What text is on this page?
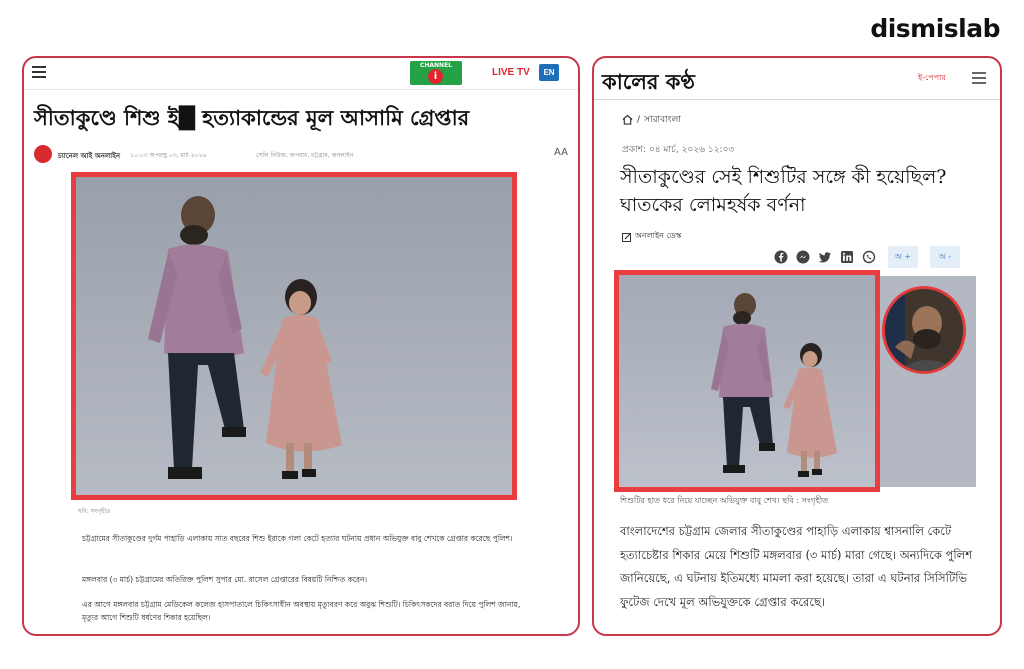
dismislab
CHANNEL
i	LIVE TV	EN
সীতাকুণ্ডে শিশু ই█ হত্যাকান্ডের মূল আসামি গ্রেপ্তার
চ্যানেল আই অনলাইন ১০:০৩ অপরাহ্ণ ০৩, মার্চ ২০২৬	সেলি নিউজ, অপরাধ, চট্টগ্রাম, অনলাইন	AA
ছবি: সংগৃহীত
চট্টগ্রামের সীতাকুণ্ডের দুর্গম পাহাড়ি এলাকায় সাত বছরের শিশু ইরাকে গলা কেটে হত্যার ঘটনায় প্রধান অভিযুক্ত বাবু শেখকে গ্রেপ্তার করেছে পুলিশ।
মঙ্গলবার (৩ মার্চ) চট্টগ্রামের অতিরিক্ত পুলিশ সুপার মো. রাসেল গ্রেপ্তারের বিষয়টি নিশ্চিত করেন।
এর আগে মঙ্গলবার চট্টগ্রাম মেডিকেল কলেজ হাসপাতালে চিকিৎসাধীন অবস্থায় মৃত্যুবরণ করে অবুঝ শিশুটি। চিকিৎসকদের বরাত দিয়ে পুলিশ জানায়, মৃত্যুর আগে শিশুটি ধর্ষণের শিকার হয়েছিল।
কালের কণ্ঠ	ই-পেপার
/ সারাবাংলা
প্রকাশ: ০৪ মার্চ, ২০২৬ ১২:০৩
সীতাকুণ্ডের সেই শিশুটির সঙ্গে কী হয়েছিল? ঘাতকের লোমহর্ষক বর্ণনা
অনলাইন ডেস্ক
অ +	অ -
শিশুটির হাত ধরে নিয়ে যাচ্ছেন অভিযুক্ত বাবু শেখ। ছবি : সংগৃহীত
বাংলাদেশের চট্টগ্রাম জেলার সীতাকুণ্ডের পাহাড়ি এলাকায় শ্বাসনালি কেটে হত্যাচেষ্টার শিকার মেয়ে শিশুটি মঙ্গলবার (৩ মার্চ) মারা গেছে। অন্যদিকে পুলিশ জানিয়েছে, এ ঘটনায় ইতিমধ্যে মামলা করা হয়েছে। তারা এ ঘটনার সিসিটিভি ফুটেজ দেখে মূল অভিযুক্তকে গ্রেপ্তার করেছে।
